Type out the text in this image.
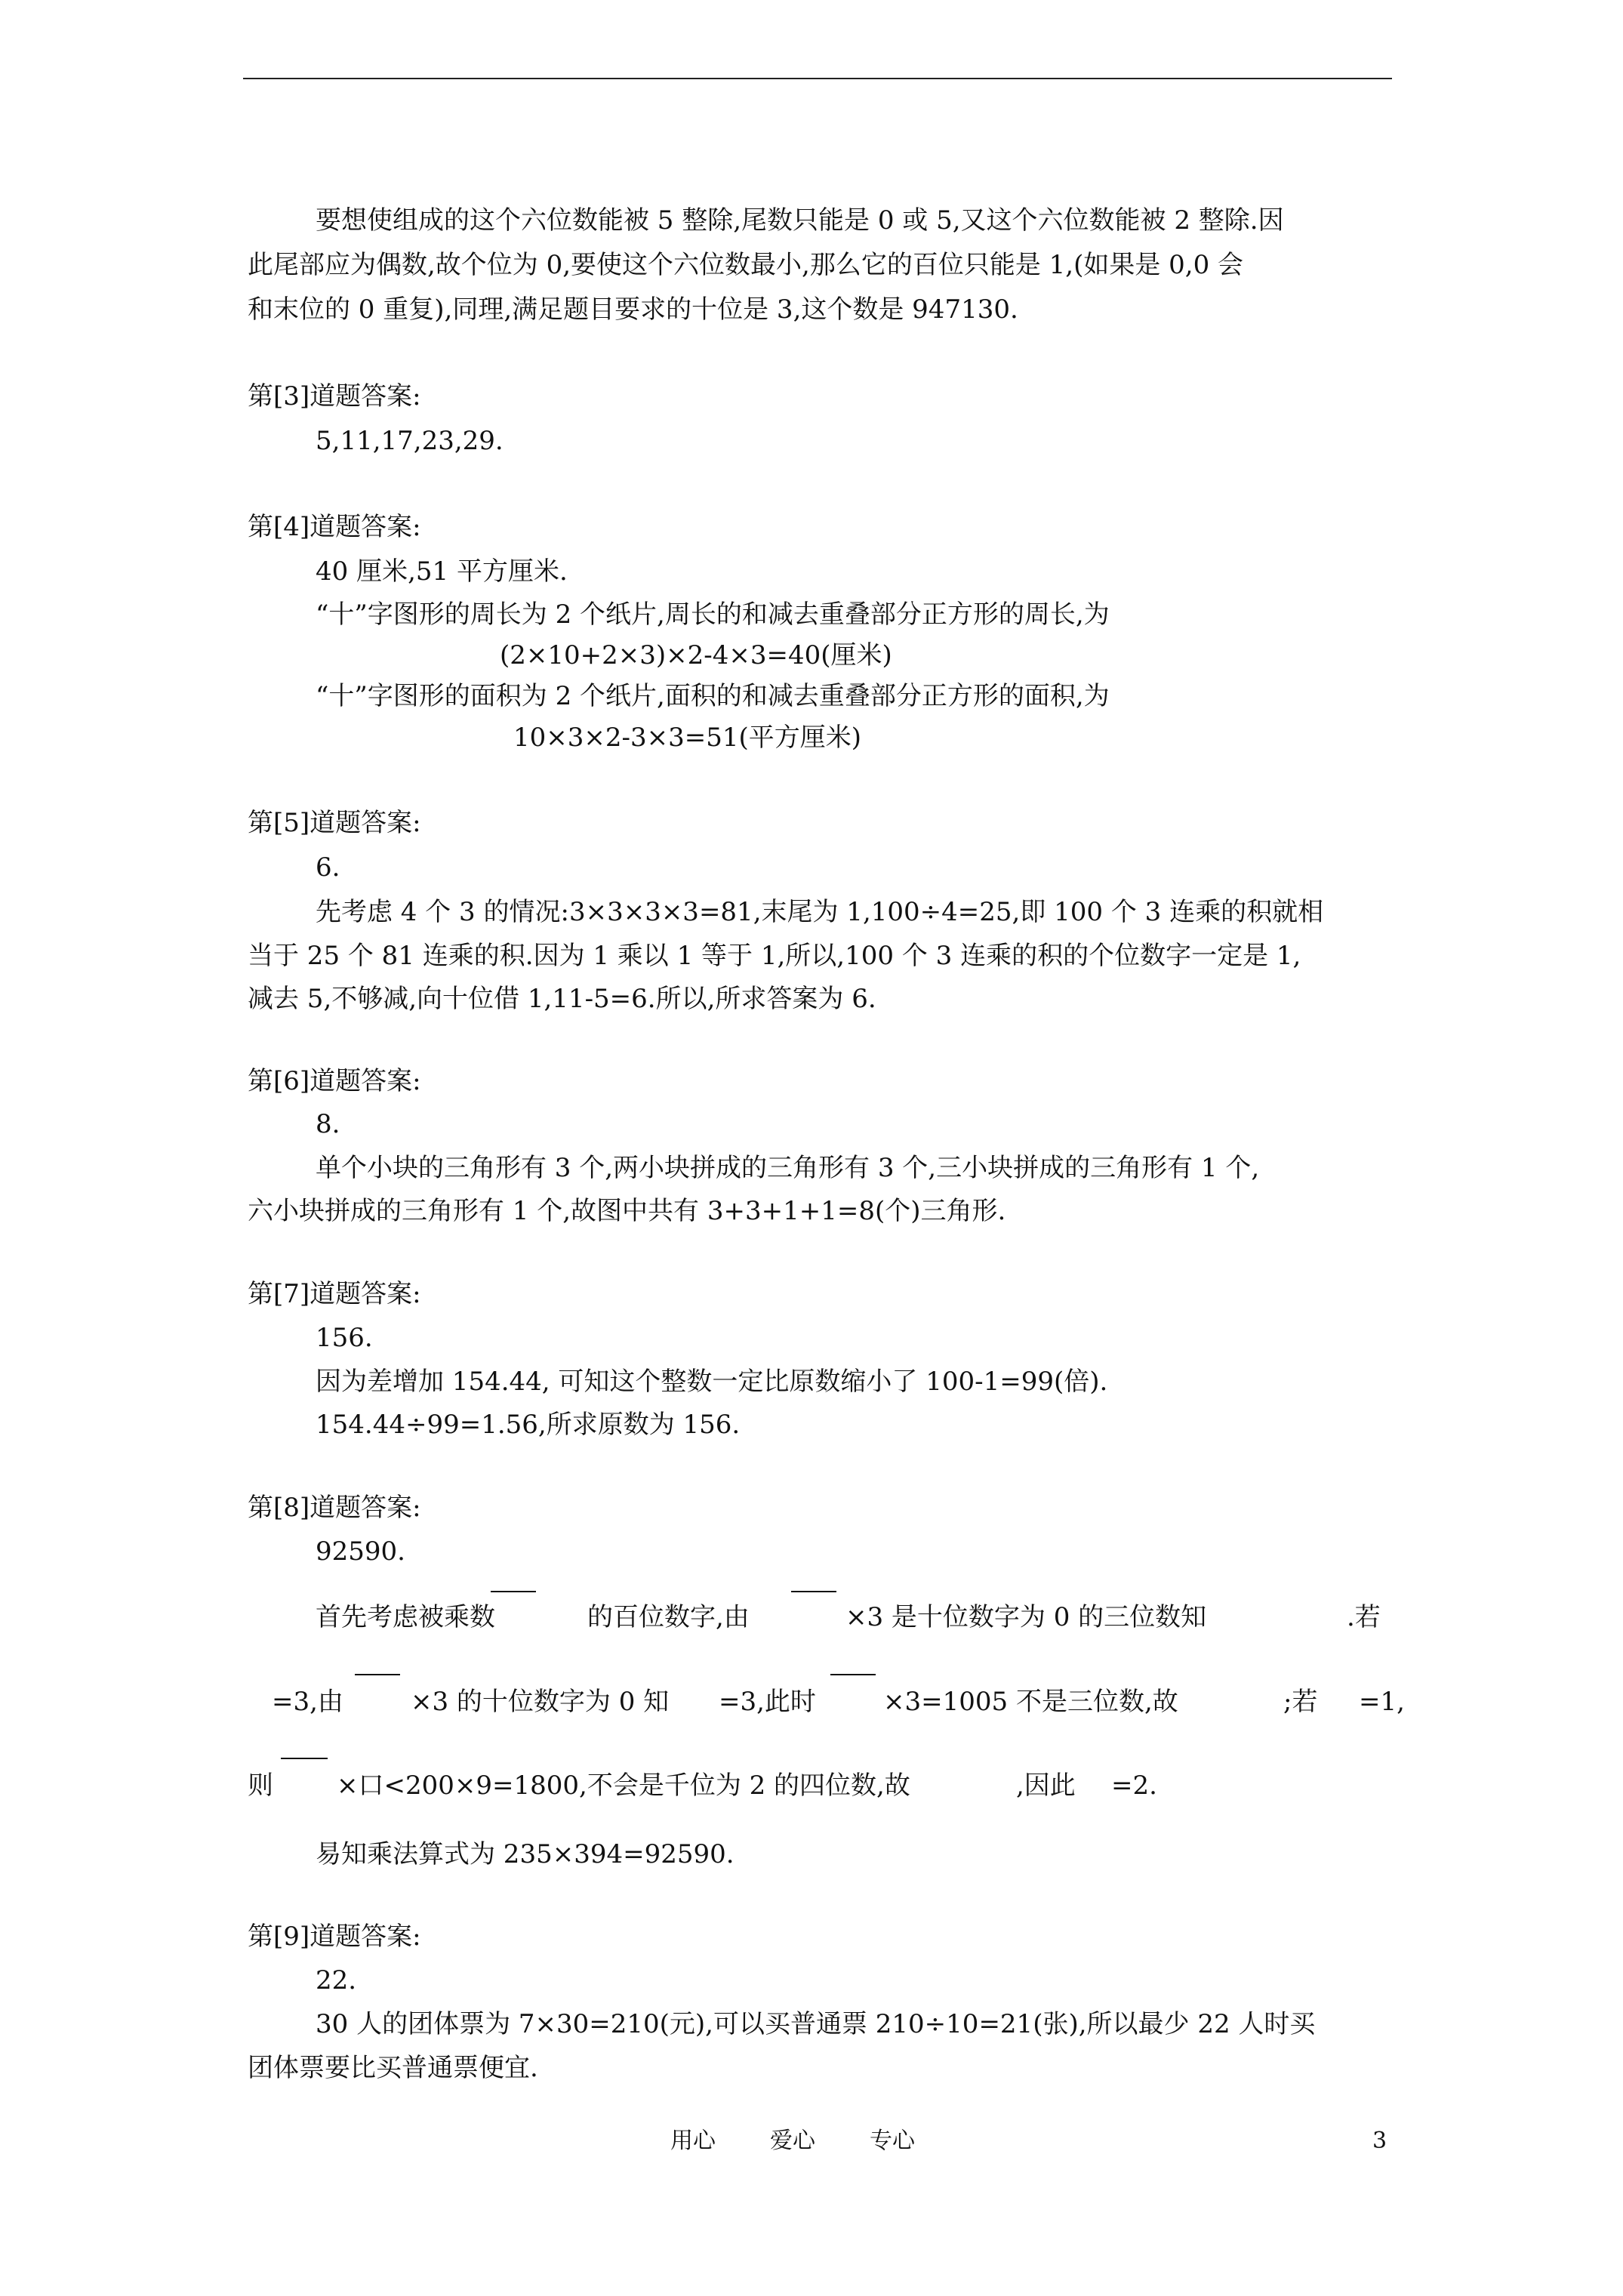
要想使组成的这个六位数能被 5 整除,尾数只能是 0 或 5,又这个六位数能被 2 整除.因
此尾部应为偶数,故个位为 0,要使这个六位数最小,那么它的百位只能是 1,(如果是 0,0 会
和末位的 0 重复),同理,满足题目要求的十位是 3,这个数是 947130.
第[3]道题答案:
5,11,17,23,29.
第[4]道题答案:
40 厘米,51 平方厘米.
“十”字图形的周长为 2 个纸片,周长的和减去重叠部分正方形的周长,为
(2×10+2×3)×2-4×3=40(厘米)
“十”字图形的面积为 2 个纸片,面积的和减去重叠部分正方形的面积,为
10×3×2-3×3=51(平方厘米)
第[5]道题答案:
6.
先考虑 4 个 3 的情况:3×3×3×3=81,末尾为 1,100÷4=25,即 100 个 3 连乘的积就相
当于 25 个 81 连乘的积.因为 1 乘以 1 等于 1,所以,100 个 3 连乘的积的个位数字一定是 1,
减去 5,不够减,向十位借 1,11-5=6.所以,所求答案为 6.
第[6]道题答案:
8.
单个小块的三角形有 3 个,两小块拼成的三角形有 3 个,三小块拼成的三角形有 1 个,
六小块拼成的三角形有 1 个,故图中共有 3+3+1+1=8(个)三角形.
第[7]道题答案:
156.
因为差增加 154.44, 可知这个整数一定比原数缩小了 100-1=99(倍).
154.44÷99=1.56,所求原数为 156.
第[8]道题答案:
92590.
首先考虑被乘数	的百位数字,由	×3 是十位数字为 0 的三位数知	.若
=3,由	×3 的十位数字为 0 知 =3,此时	×3=1005 不是三位数,故	;若 =1,
则 ×口<200×9=1800,不会是千位为 2 的四位数,故	,因此 =2.
易知乘法算式为 235×394=92590.
第[9]道题答案:
22.
30 人的团体票为 7×30=210(元),可以买普通票 210÷10=21(张),所以最少 22 人时买
团体票要比买普通票便宜.
用心 爱心 专心	3
